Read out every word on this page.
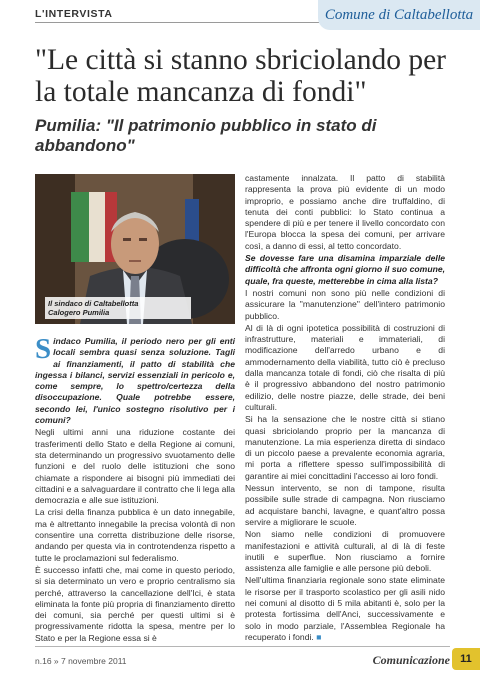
L'INTERVISTA	Comune di Caltabellotta
"Le città si stanno sbriciolando per la totale mancanza di fondi"
Pumilia: "Il patrimonio pubblico in stato di abbandono"
Il sindaco di Caltabellotta
Calogero Pumilia

Sindaco Pumilia, il periodo nero per gli enti locali sembra quasi senza soluzione. Tagli ai finanziamenti, il patto di stabilità che ingessa i bilanci, servizi essenziali in pericolo e, come sempre, lo spettro/certezza della disoccupazione. Quale potrebbe essere, secondo lei, l'unico sostegno risolutivo per i comuni?

Negli ultimi anni una riduzione costante dei trasferimenti dello Stato e della Regione ai comuni, sta determinando un progressivo svuotamento delle funzioni e del ruolo delle istituzioni che sono chiamate a rispondere ai bisogni più immediati dei cittadini e a salvaguardare il contratto che li lega alla democrazia e alle sue istituzioni.

La crisi della finanza pubblica è un dato innegabile, ma è altrettanto innegabile la precisa volontà di non consentire una corretta distribuzione delle risorse, andando per questa via in controtendenza rispetto a tutte le proclamazioni sul federalismo.

È successo infatti che, mai come in questo periodo, si sia determinato un vero e proprio centralismo sia perché, attraverso la cancellazione dell'Ici, è stata eliminata la fonte più propria di finanziamento diretto dei comuni, sia perché per questi ultimi si è progressivamente ridotta la spesa, mentre per lo Stato e per la Regione essa si è

castamente innalzata. Il patto di stabilità rappresenta la prova più evidente di un modo improprio, e possiamo anche dire truffaldino, di tenuta dei conti pubblici: lo Stato continua a spendere di più e per tenere il livello concordato con l'Europa blocca la spesa dei comuni, per arrivare così, a danno di essi, al tetto concordato.

Se dovesse fare una disamina imparziale delle difficoltà che affronta ogni giorno il suo comune, quale, fra queste, metterebbe in cima alla lista?

I nostri comuni non sono più nelle condizioni di assicurare la "manutenzione" dell'intero patrimonio pubblico.

Al di là di ogni ipotetica possibilità di costruzioni di infrastrutture, materiali e immateriali, di modificazione dell'arredo urbano e di ammodernamento della viabilità, tutto ciò è precluso dalla mancanza totale di fondi, ciò che risalta di più è il progressivo abbandono del nostro patrimonio edilizio, delle nostre piazze, delle strade, dei beni culturali.

Si ha la sensazione che le nostre città si stiano quasi sbriciolando proprio per la mancanza di manutenzione. La mia esperienza diretta di sindaco di un piccolo paese a prevalente economia agraria, mi porta a riflettere spesso sull'impossibilità di garantire ai miei concittadini l'accesso ai loro fondi.

Nessun intervento, se non di tampone, risulta possibile sulle strade di campagna. Non riusciamo ad acquistare banchi, lavagne, e quant'altro possa servire a migliorare le scuole.

Non siamo nelle condizioni di promuovere manifestazioni e attività culturali, al di là di feste inutili e superflue. Non riusciamo a fornire assistenza alle famiglie e alle persone più deboli.

Nell'ultima finanziaria regionale sono state eliminate le risorse per il trasporto scolastico per gli asili nido nei comuni al disotto di 5 mila abitanti è, solo per la protesta fortissima dell'Anci, successivamente e solo in modo parziale, l'Assemblea Regionale ha recuperato i fondi. ■

n.16 » 7 novembre 2011	Comunicazione 11
